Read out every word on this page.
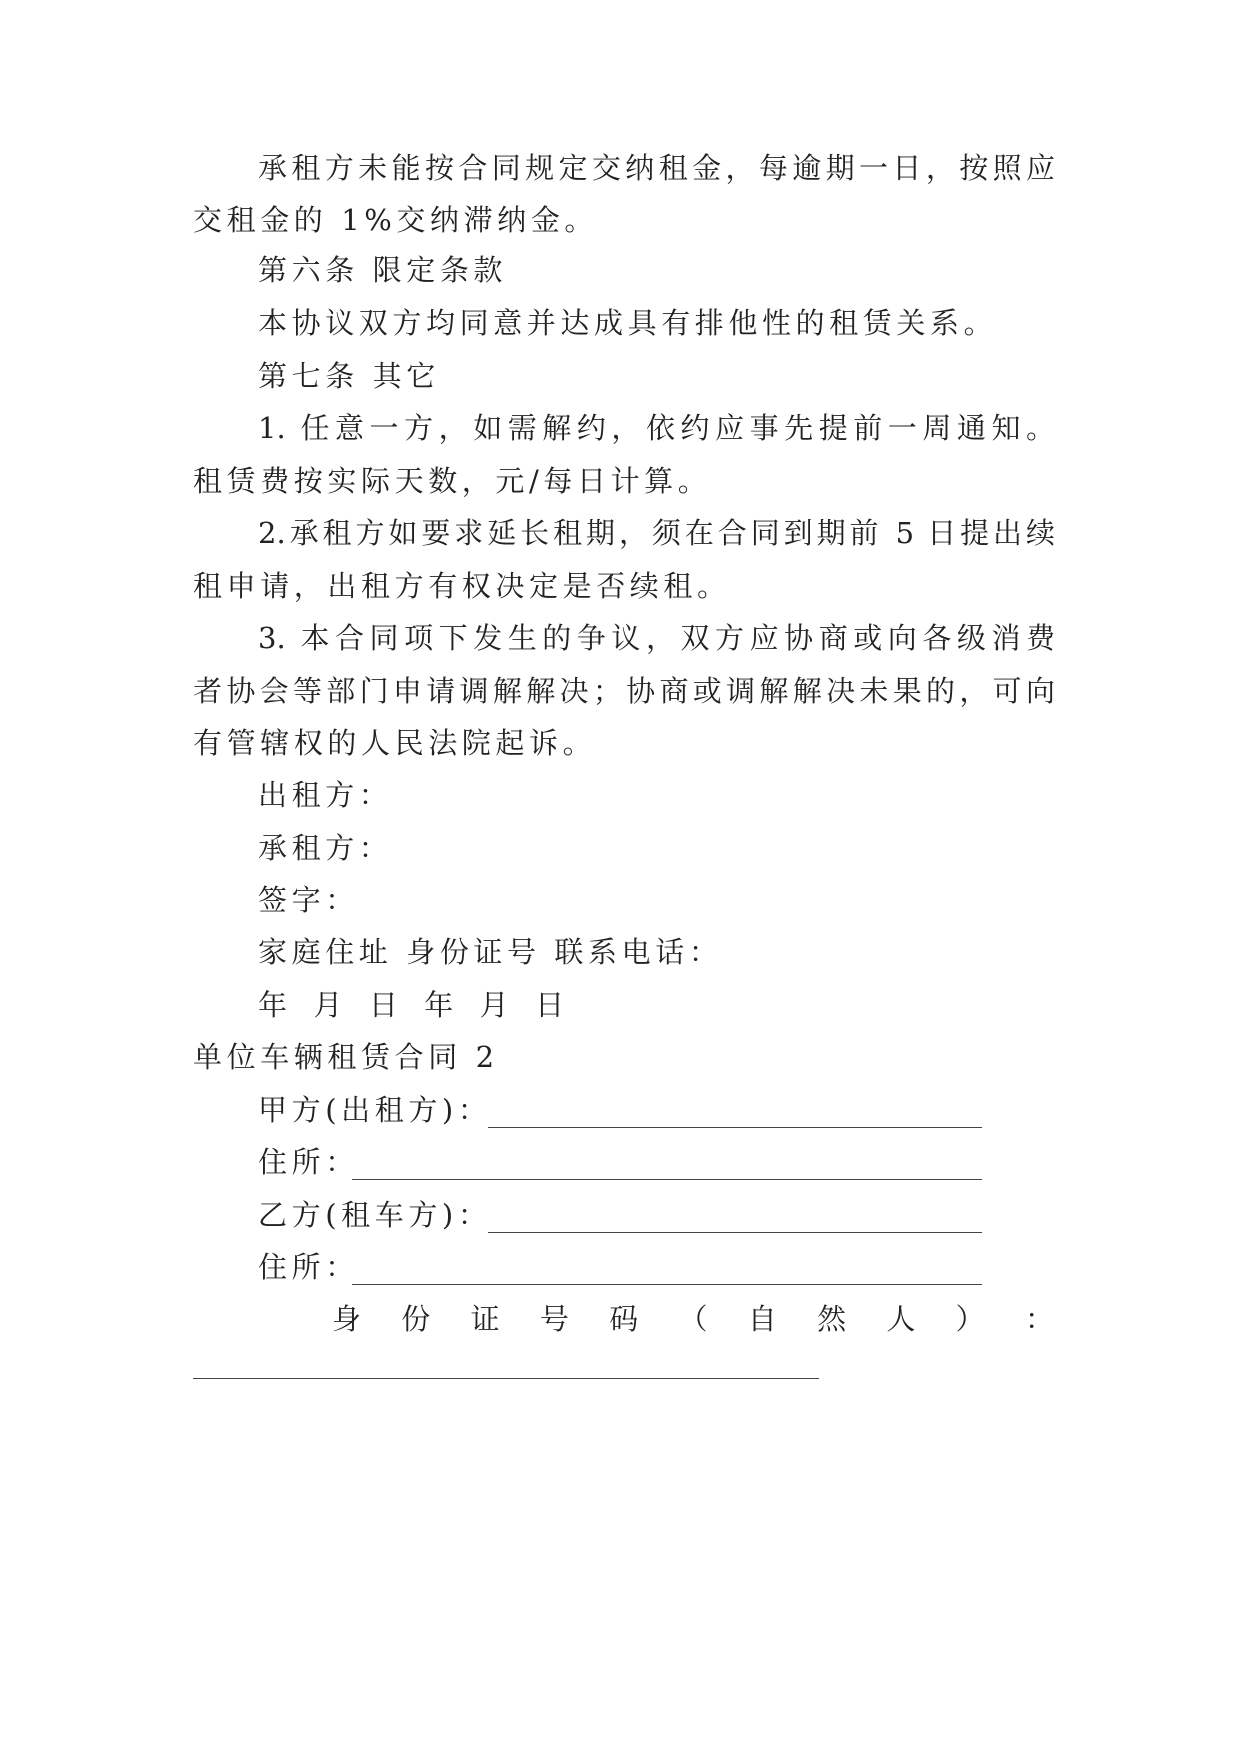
承租方未能按合同规定交纳租金，每逾期一日，按照应
交租金的 1%交纳滞纳金。
第六条 限定条款
本协议双方均同意并达成具有排他性的租赁关系。
第七条 其它
1. 任意一方，如需解约，依约应事先提前一周通知。
租赁费按实际天数，元/每日计算。
2.承租方如要求延长租期，须在合同到期前 5 日提出续
租申请，出租方有权决定是否续租。
3. 本合同项下发生的争议，双方应协商或向各级消费
者协会等部门申请调解解决；协商或调解解决未果的，可向
有管辖权的人民法院起诉。
出租方：
承租方：
签字：
家庭住址 身份证号 联系电话：
年 月 日 年 月 日
单位车辆租赁合同 2
甲方(出租方)：
住所：
乙方(租车方)：
住所：
身 份 证 号 码 （ 自 然 人 ） ：
